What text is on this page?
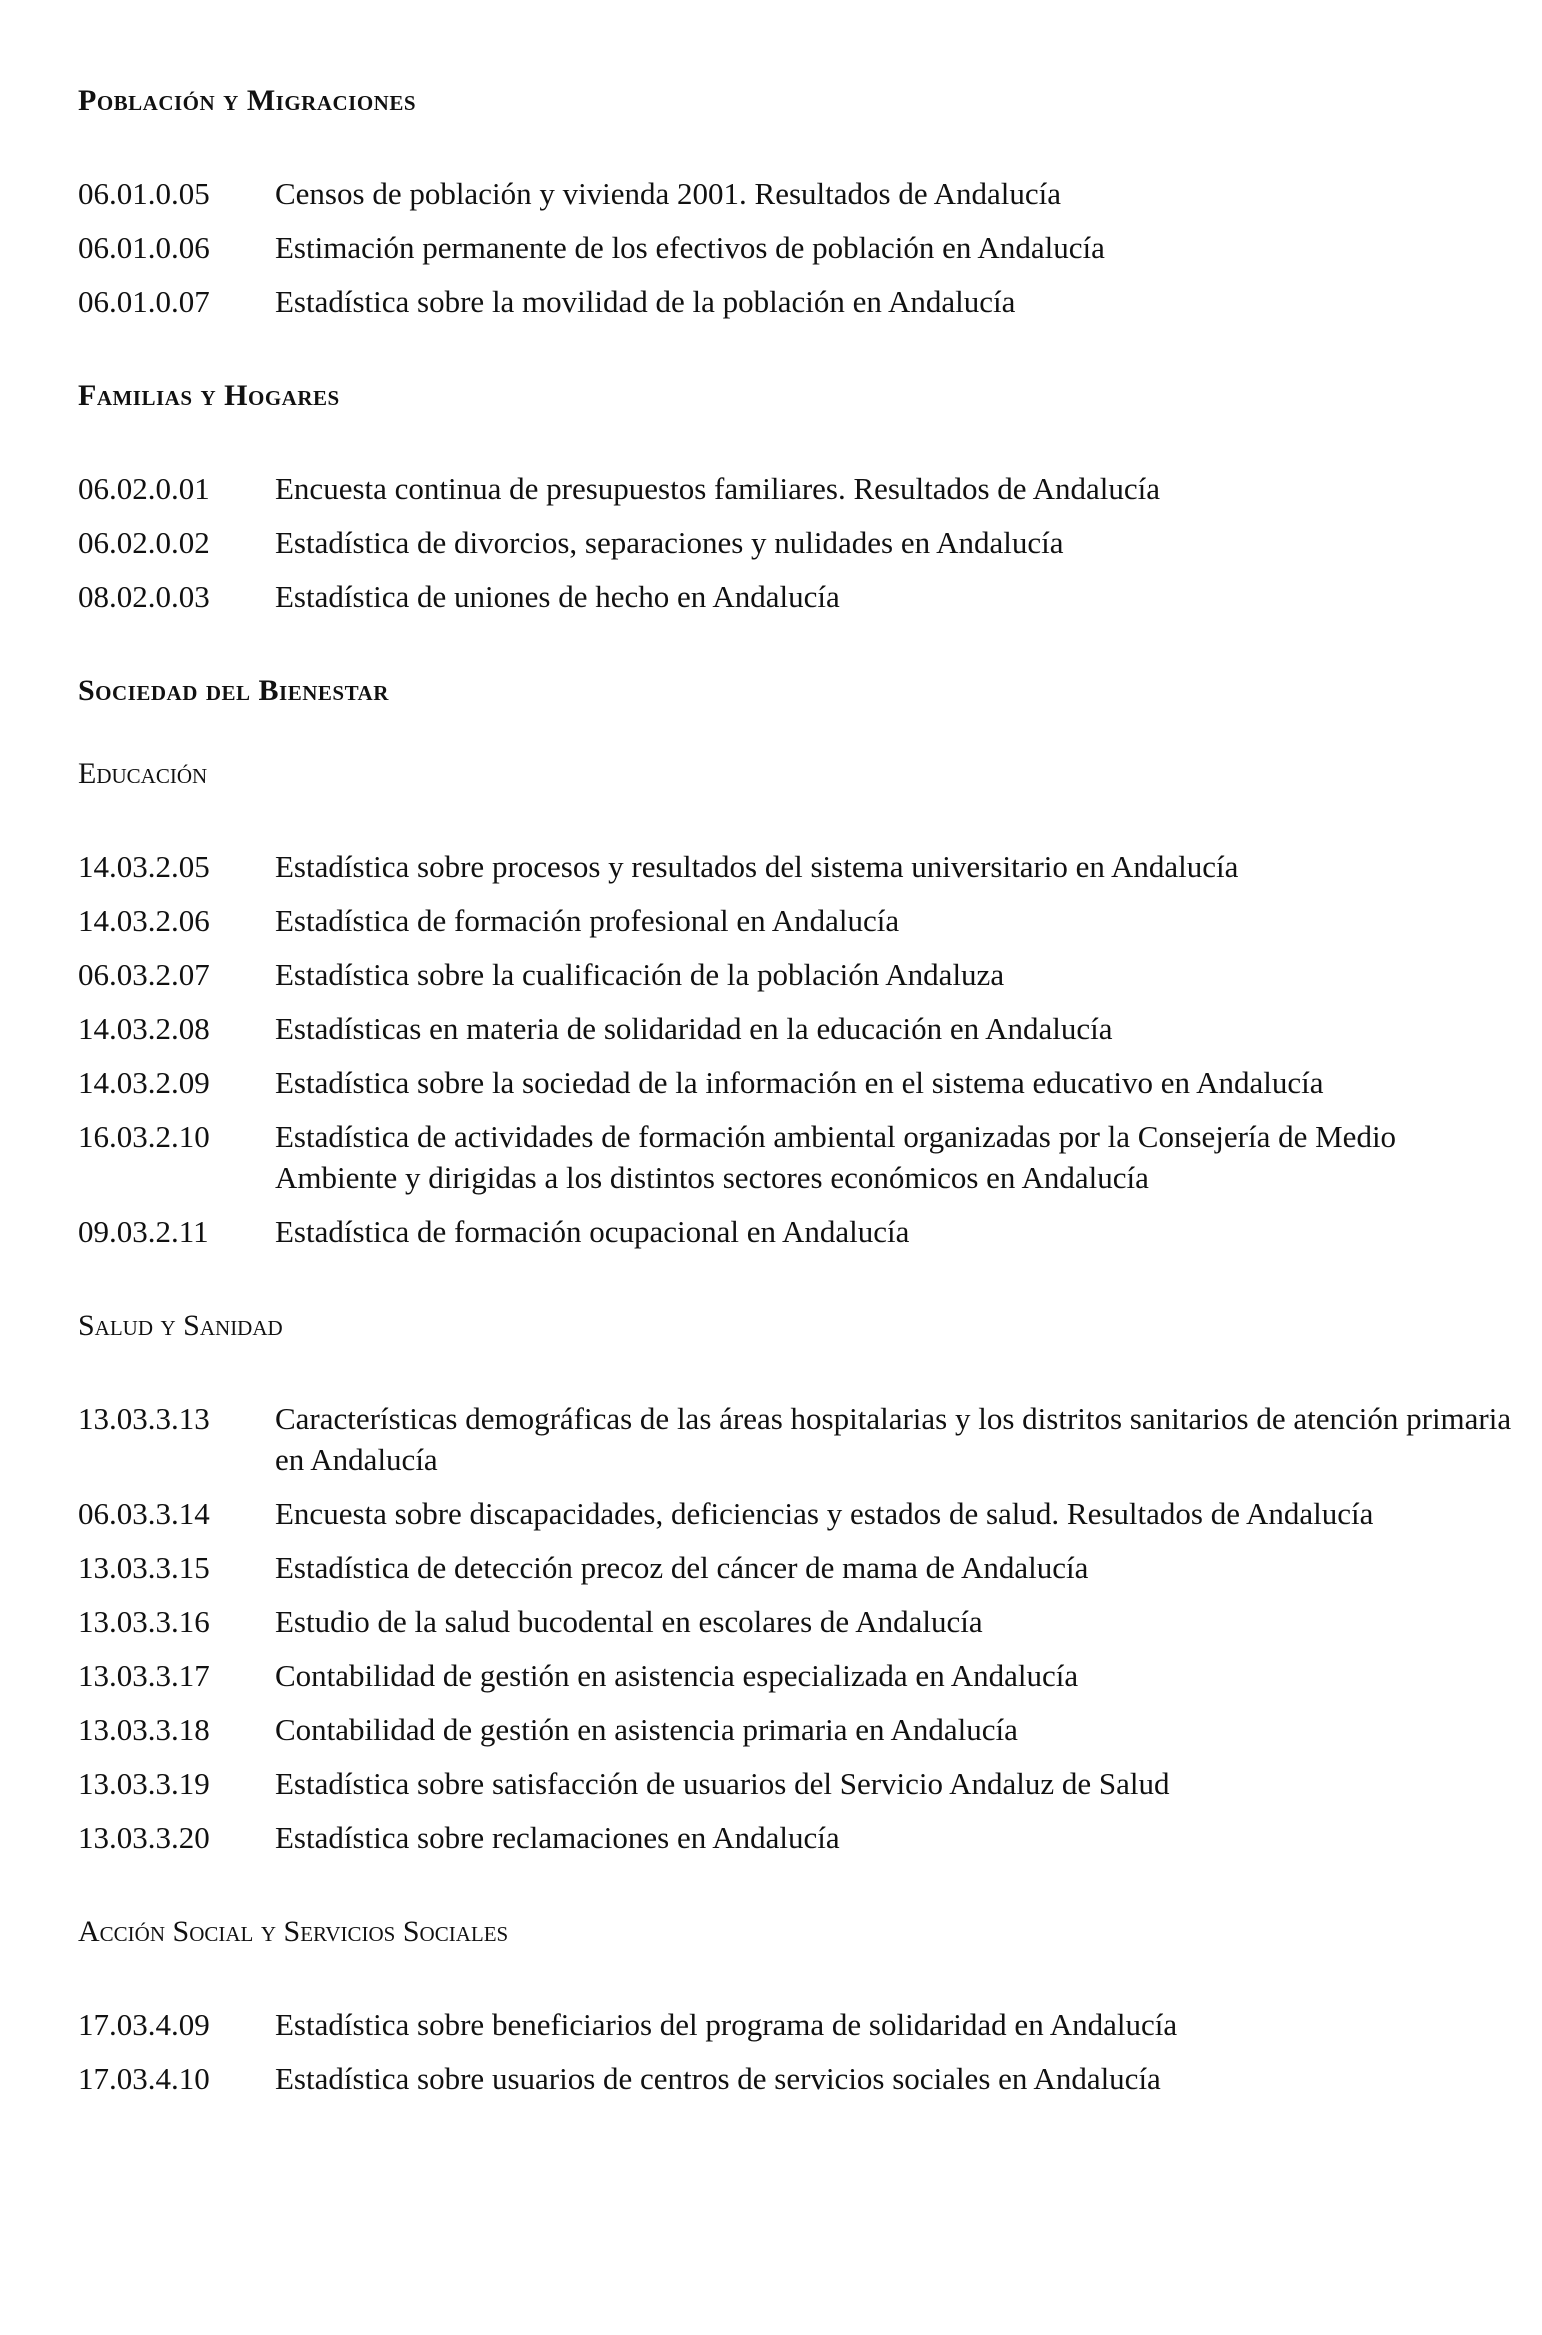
Población y Migraciones
06.01.0.05	Censos de población y vivienda 2001. Resultados de Andalucía
06.01.0.06	Estimación permanente de los efectivos de población en Andalucía
06.01.0.07	Estadística sobre la movilidad de la población en Andalucía
Familias y Hogares
06.02.0.01	Encuesta continua de presupuestos familiares. Resultados de Andalucía
06.02.0.02	Estadística de divorcios, separaciones y nulidades en Andalucía
08.02.0.03	Estadística de uniones de hecho en Andalucía
Sociedad del Bienestar
Educación
14.03.2.05	Estadística sobre procesos y resultados del sistema universitario en Andalucía
14.03.2.06	Estadística de formación profesional en Andalucía
06.03.2.07	Estadística sobre la cualificación de la población Andaluza
14.03.2.08	Estadísticas en materia de solidaridad en la educación en Andalucía
14.03.2.09	Estadística sobre la sociedad de la información en el sistema educativo en Andalucía
16.03.2.10	Estadística de actividades de formación ambiental organizadas por la Consejería de Medio Ambiente y dirigidas a los distintos sectores económicos en Andalucía
09.03.2.11	Estadística de formación ocupacional en Andalucía
Salud y Sanidad
13.03.3.13	Características demográficas de las áreas hospitalarias y los distritos sanitarios de atención primaria en Andalucía
06.03.3.14	Encuesta sobre discapacidades, deficiencias y estados de salud. Resultados de Andalucía
13.03.3.15	Estadística de detección precoz del cáncer de mama de Andalucía
13.03.3.16	Estudio de la salud bucodental en escolares de Andalucía
13.03.3.17	Contabilidad de gestión en asistencia especializada en Andalucía
13.03.3.18	Contabilidad de gestión en asistencia primaria en Andalucía
13.03.3.19	Estadística sobre satisfacción de usuarios del Servicio Andaluz de Salud
13.03.3.20	Estadística sobre reclamaciones en Andalucía
Acción Social y Servicios Sociales
17.03.4.09	Estadística sobre beneficiarios del programa de solidaridad en Andalucía
17.03.4.10	Estadística sobre usuarios de centros de servicios sociales en Andalucía
